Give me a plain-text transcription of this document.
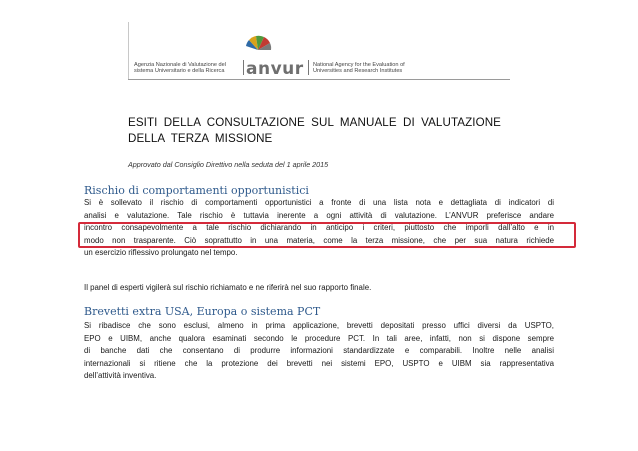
Agenzia Nazionale di Valutazione del
sistema Universitario e della Ricerca	anvur National Agency for the Evaluation of
Universities and Research Institutes
ESITI DELLA CONSULTAZIONE SUL MANUALE DI VALUTAZIONE
DELLA TERZA MISSIONE
Approvato dal Consiglio Direttivo nella seduta del 1 aprile 2015
Rischio di comportamenti opportunistici
Si è sollevato il rischio di comportamenti opportunistici a fronte di una lista nota e dettagliata di indicatori di
analisi e valutazione. Tale rischio è tuttavia inerente a ogni attività di valutazione. L’ANVUR preferisce andare
incontro consapevolmente a tale rischio dichiarando in anticipo i criteri, piuttosto che imporli dall’alto e in
modo non trasparente. Ciò soprattutto in una materia, come la terza missione, che per sua natura richiede
un esercizio riflessivo prolungato nel tempo.
Il panel di esperti vigilerà sul rischio richiamato e ne riferirà nel suo rapporto finale.
Brevetti extra USA, Europa o sistema PCT
Si ribadisce che sono esclusi, almeno in prima applicazione, brevetti depositati presso uffici diversi da USPTO,
EPO e UIBM, anche qualora esaminati secondo le procedure PCT. In tali aree, infatti, non si dispone sempre
di banche dati che consentano di produrre informazioni standardizzate e comparabili. Inoltre nelle analisi
internazionali si ritiene che la protezione dei brevetti nei sistemi EPO, USPTO e UIBM sia rappresentativa
dell’attività inventiva.
